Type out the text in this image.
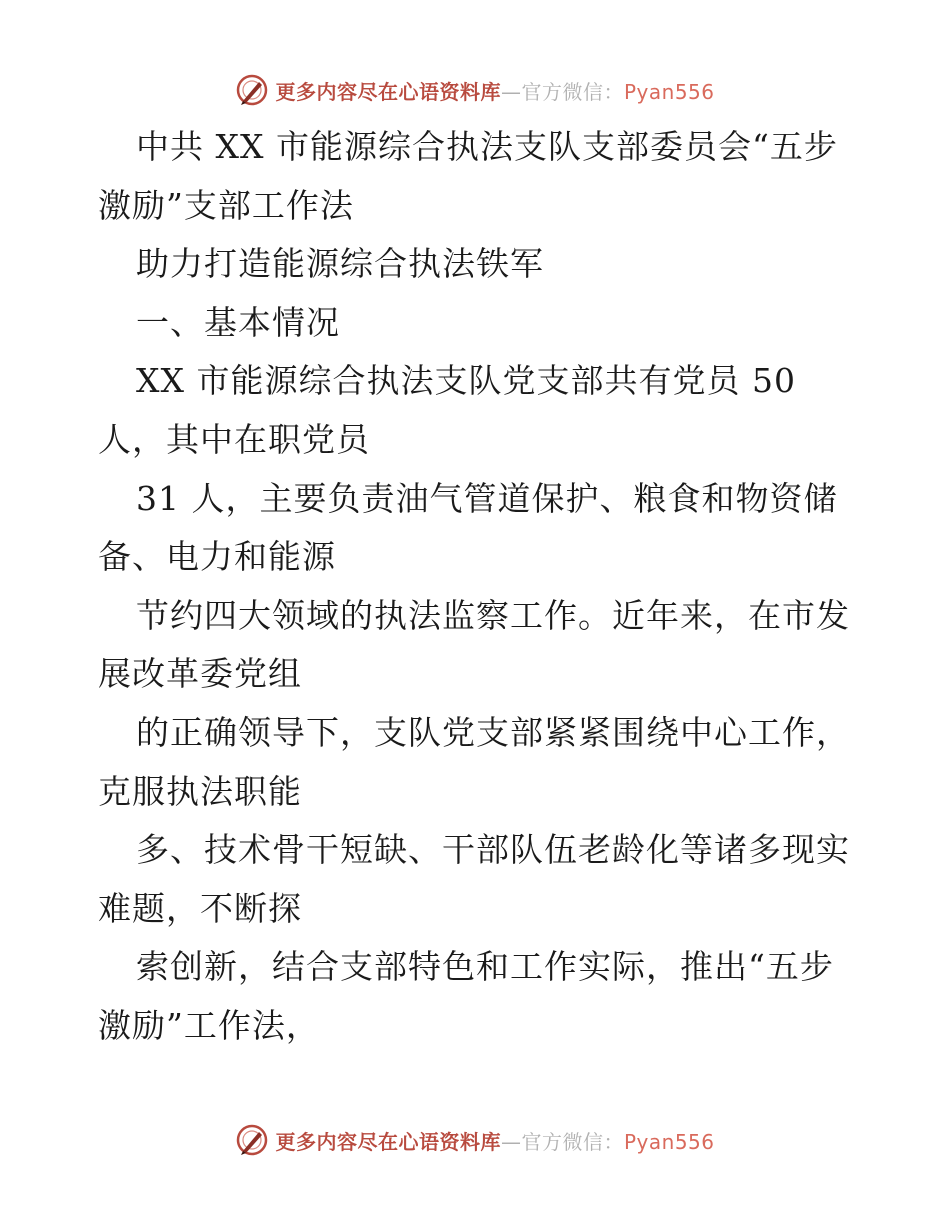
更多内容尽在心语资料库—官方微信：Pyan556
中共 XX 市能源综合执法支队支部委员会“五步
激励”支部工作法
助力打造能源综合执法铁军
一、基本情况
XX 市能源综合执法支队党支部共有党员 50
人，其中在职党员
31 人，主要负责油气管道保护、粮食和物资储
备、电力和能源
节约四大领域的执法监察工作。近年来，在市发
展改革委党组
的正确领导下，支队党支部紧紧围绕中心工作，
克服执法职能
多、技术骨干短缺、干部队伍老龄化等诸多现实
难题，不断探
索创新，结合支部特色和工作实际，推出“五步
激励”工作法，
更多内容尽在心语资料库—官方微信：Pyan556
